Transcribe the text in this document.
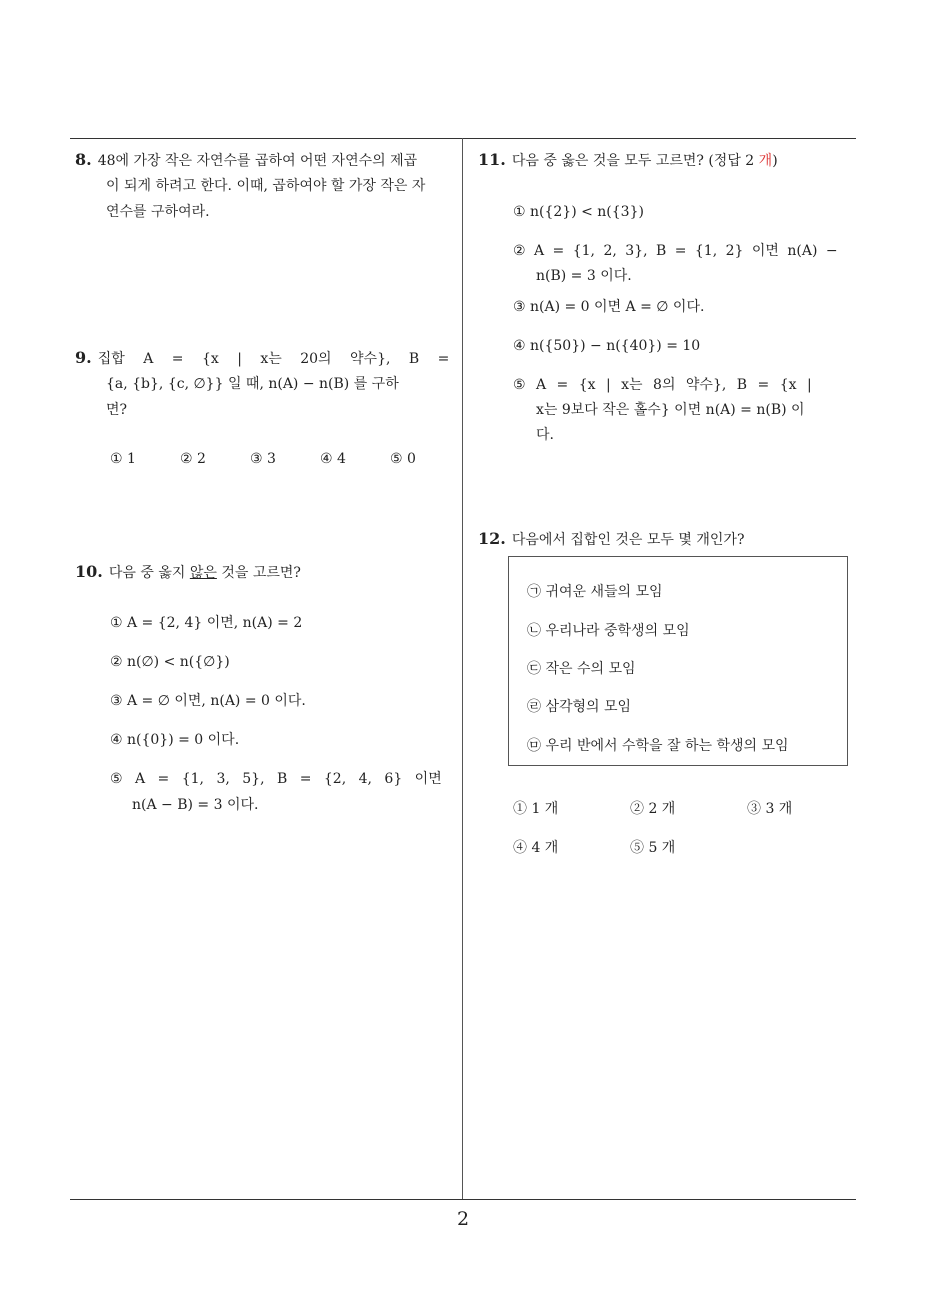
8. 48에 가장 작은 자연수를 곱하여 어떤 자연수의 제곱
이 되게 하려고 한다. 이때, 곱하여야 할 가장 작은 자
연수를 구하여라.
9. 집합 A = {x | x는 20의 약수}, B =
{a, {b}, {c, ∅}} 일 때, n(A) − n(B) 를 구하
면?
① 1	② 2	③ 3	④ 4	⑤ 0
10. 다음 중 옳지 않은 것을 고르면?
① A = {2, 4} 이면, n(A) = 2
② n(∅) < n({∅})
③ A = ∅ 이면, n(A) = 0 이다.
④ n({0}) = 0 이다.
⑤ A = {1, 3, 5}, B = {2, 4, 6} 이면
n(A − B) = 3 이다.
11. 다음 중 옳은 것을 모두 고르면? (정답 2 개)
① n({2}) < n({3})
② A = {1, 2, 3}, B = {1, 2} 이면 n(A) −
n(B) = 3 이다.
③ n(A) = 0 이면 A = ∅ 이다.
④ n({50}) − n({40}) = 10
⑤ A = {x | x는 8의 약수}, B = {x |
x는 9보다 작은 홀수} 이면 n(A) = n(B) 이
다.
12. 다음에서 집합인 것은 모두 몇 개인가?
㉠ 귀여운 새들의 모임
㉡ 우리나라 중학생의 모임
㉢ 작은 수의 모임
㉣ 삼각형의 모임
㉤ 우리 반에서 수학을 잘 하는 학생의 모임
① 1 개	② 2 개	③ 3 개
④ 4 개	⑤ 5 개
2
